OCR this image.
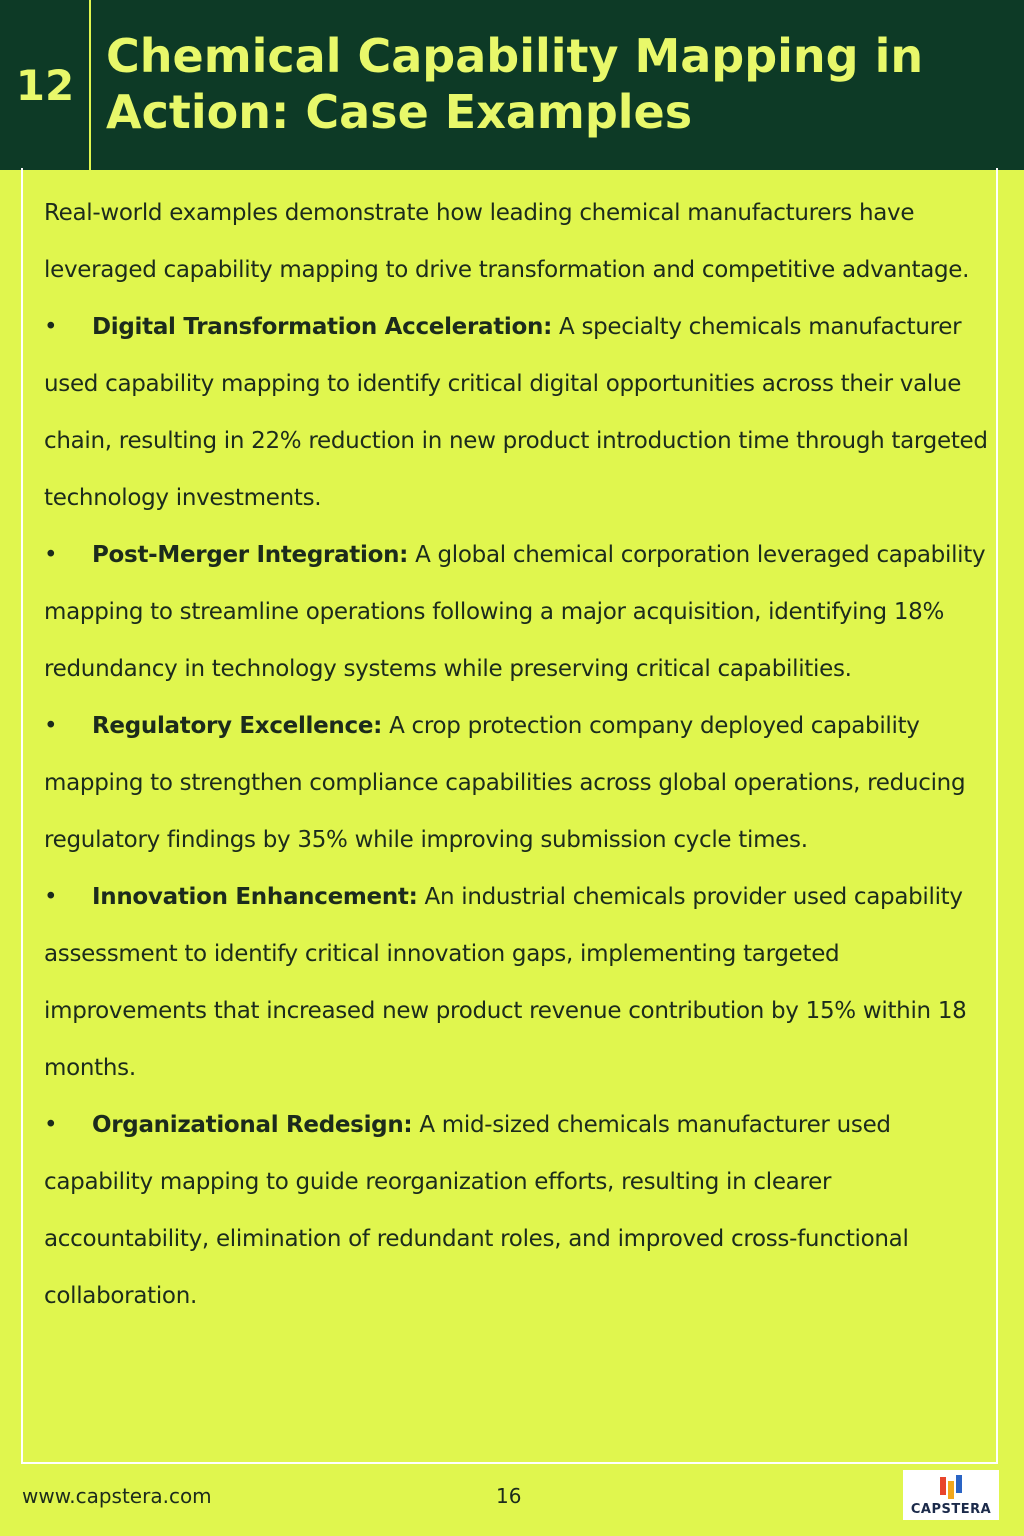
12
Chemical Capability Mapping in Action: Case Examples

Real-world examples demonstrate how leading chemical manufacturers have leveraged capability mapping to drive transformation and competitive advantage.

• Digital Transformation Acceleration: A specialty chemicals manufacturer used capability mapping to identify critical digital opportunities across their value chain, resulting in 22% reduction in new product introduction time through targeted technology investments.

• Post-Merger Integration: A global chemical corporation leveraged capability mapping to streamline operations following a major acquisition, identifying 18% redundancy in technology systems while preserving critical capabilities.

• Regulatory Excellence: A crop protection company deployed capability mapping to strengthen compliance capabilities across global operations, reducing regulatory findings by 35% while improving submission cycle times.

• Innovation Enhancement: An industrial chemicals provider used capability assessment to identify critical innovation gaps, implementing targeted improvements that increased new product revenue contribution by 15% within 18 months.

• Organizational Redesign: A mid-sized chemicals manufacturer used capability mapping to guide reorganization efforts, resulting in clearer accountability, elimination of redundant roles, and improved cross-functional collaboration.

www.capstera.com	16
CAPSTERA
